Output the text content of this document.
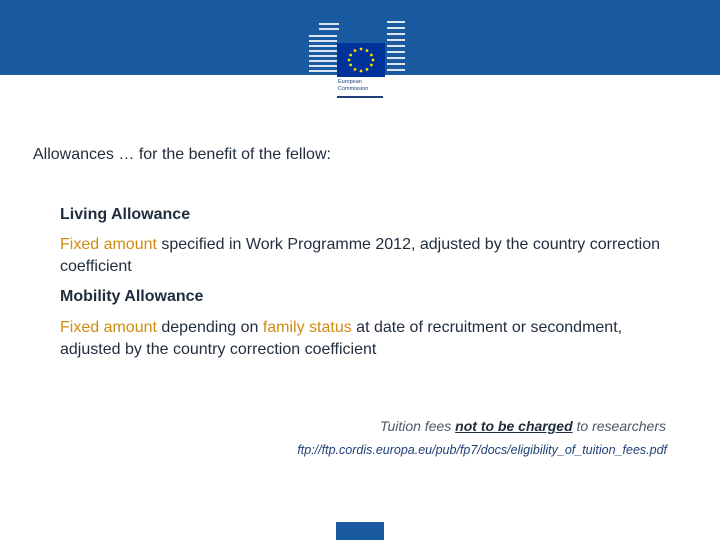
European
Commission
Allowances … for the benefit of the fellow:
Living Allowance
Fixed amount specified in Work Programme 2012, adjusted by the country correction coefficient
Mobility Allowance
Fixed amount depending on family status at date of recruitment or secondment, adjusted by the country correction coefficient
Tuition fees not to be charged to researchers
ftp://ftp.cordis.europa.eu/pub/fp7/docs/eligibility_of_tuition_fees.pdf
